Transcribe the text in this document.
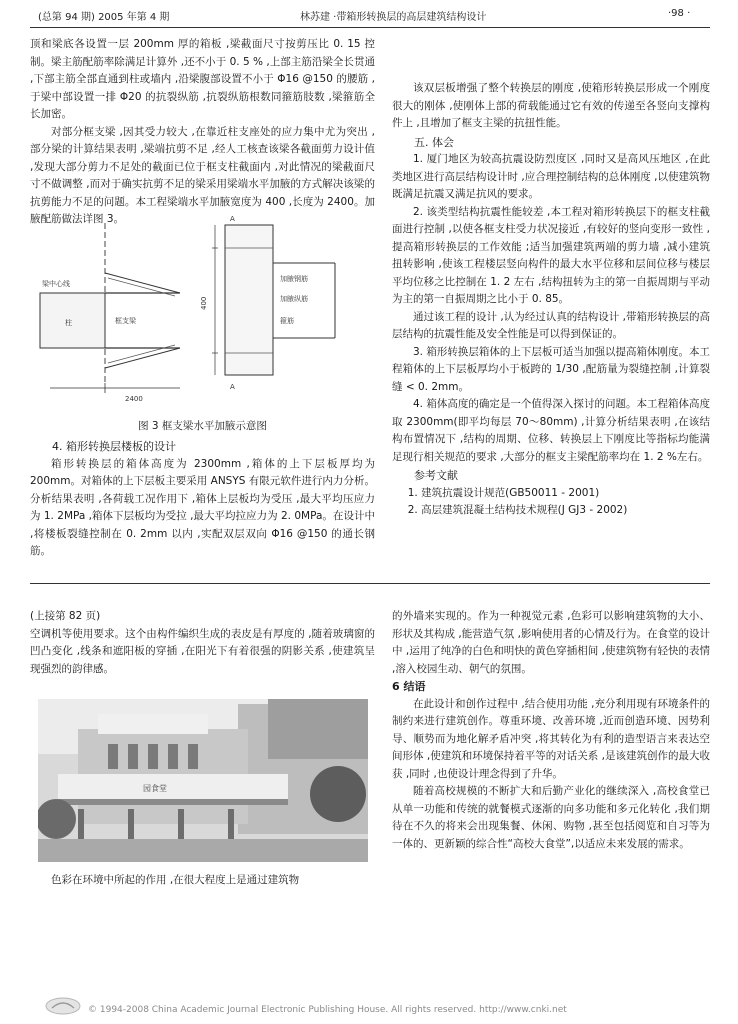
(总第 94 期) 2005 年第 4 期	林苏建 ·带箱形转换层的高层建筑结构设计	·98 ·

顶和梁底各设置一层 200mm 厚的箱板 ,梁截面尺寸按剪压比 0. 15 控制。梁主筋配筋率除满足计算外 ,还不小于 0. 5 % ,上部主筋沿梁全长贯通 ,下部主筋全部直通到柱或墙内 ,沿梁腹部设置不小于 Φ16 @150 的腰筋 ,于梁中部设置一排 Φ20 的抗裂纵筋 ,抗裂纵筋根数同箍筋肢数 ,梁箍筋全长加密。

对部分框支梁 ,因其受力较大 ,在靠近柱支座处的应力集中尤为突出 ,部分梁的计算结果表明 ,梁端抗剪不足 ,经人工核查该梁各截面剪力设计值 ,发现大部分剪力不足处的截面已位于框支柱截面内 ,对此情况的梁截面尺寸不做调整 ,而对于确实抗剪不足的梁采用梁端水平加腋的方式解决该梁的抗剪能力不足的问题。本工程梁端水平加腋宽度为 400 ,长度为 2400。加腋配筋做法详图 3。

梁中心线
框支梁
柱
2400
400
加腋钢筋
加腋纵筋
箍筋
A
A
图 3 框支梁水平加腋示意图

4. 箱形转换层楼板的设计

箱形转换层的箱体高度为 2300mm ,箱体的上下层板厚均为 200mm。对箱体的上下层板主要采用 ANSYS 有限元软件进行内力分析。分析结果表明 ,各荷载工况作用下 ,箱体上层板均为受压 ,最大平均压应力为 1. 2MPa ,箱体下层板均为受拉 ,最大平均拉应力为 2. 0MPa。在设计中 ,将楼板裂缝控制在 0. 2mm 以内 ,实配双层双向 Φ16 @150 的通长钢筋。

该双层板增强了整个转换层的刚度 ,使箱形转换层形成一个刚度很大的刚体 ,使刚体上部的荷载能通过它有效的传递至各竖向支撑构件上 ,且增加了框支主梁的抗扭性能。

五. 体会

1. 厦门地区为较高抗震设防烈度区 ,同时又是高风压地区 ,在此类地区进行高层结构设计时 ,应合理控制结构的总体刚度 ,以使建筑物既满足抗震又满足抗风的要求。

2. 该类型结构抗震性能较差 ,本工程对箱形转换层下的框支柱截面进行控制 ,以使各框支柱受力状况接近 ,有较好的竖向变形一致性 ,提高箱形转换层的工作效能 ;适当加强建筑两端的剪力墙 ,减小建筑扭转影响 ,使该工程楼层竖向构件的最大水平位移和层间位移与楼层平均位移之比控制在 1. 2 左右 ,结构扭转为主的第一自振周期与平动为主的第一自振周期之比小于 0. 85。

通过该工程的设计 ,认为经过认真的结构设计 ,带箱形转换层的高层结构的抗震性能及安全性能是可以得到保证的。

3. 箱形转换层箱体的上下层板可适当加强以提高箱体刚度。本工程箱体的上下层板厚均小于板跨的 1/30 ,配筋量为裂缝控制 ,计算裂缝 < 0. 2mm。

4. 箱体高度的确定是一个值得深入探讨的问题。本工程箱体高度取 2300mm(即平均每层 70～80mm) ,计算分析结果表明 ,在该结构布置情况下 ,结构的周期、位移、转换层上下刚度比等指标均能满足现行相关规范的要求 ,大部分的框支主梁配筋率均在 1. 2 %左右。

参考文献

1. 建筑抗震设计规范(GB50011 - 2001)

2. 高层建筑混凝土结构技术规程(J GJ3 - 2002)

(上接第 82 页)

空调机等使用要求。这个由构件编织生成的表皮是有厚度的 ,随着玻璃窗的凹凸变化 ,线条和遮阳板的穿插 ,在阳光下有着很强的阴影关系 ,使建筑呈现强烈的韵律感。

园食堂

色彩在环境中所起的作用 ,在很大程度上是通过建筑物

的外墙来实现的。作为一种视觉元素 ,色彩可以影响建筑物的大小、形状及其构成 ,能营造气氛 ,影响使用者的心情及行为。在食堂的设计中 ,运用了纯净的白色和明快的黄色穿插相间 ,使建筑物有轻快的表情 ,溶入校园生动、朝气的氛围。

6 结语

在此设计和创作过程中 ,结合使用功能 ,充分利用现有环境条件的制约来进行建筑创作。尊重环境、改善环境 ,近而创造环境、因势利导、顺势而为地化解矛盾冲突 ,将其转化为有利的造型语言来表达空间形体 ,使建筑和环境保持着平等的对话关系 ,是该建筑创作的最大收获 ,同时 ,也使设计理念得到了升华。

随着高校规模的不断扩大和后勤产业化的继续深入 ,高校食堂已从单一功能和传统的就餐模式逐渐的向多功能和多元化转化 ,我们期待在不久的将来会出现集餐、休闲、购物 ,甚至包括阅览和自习等为一体的、更新颖的综合性“高校大食堂”,以适应未来发展的需求。

© 1994-2008 China Academic Journal Electronic Publishing House. All rights reserved. http://www.cnki.net
